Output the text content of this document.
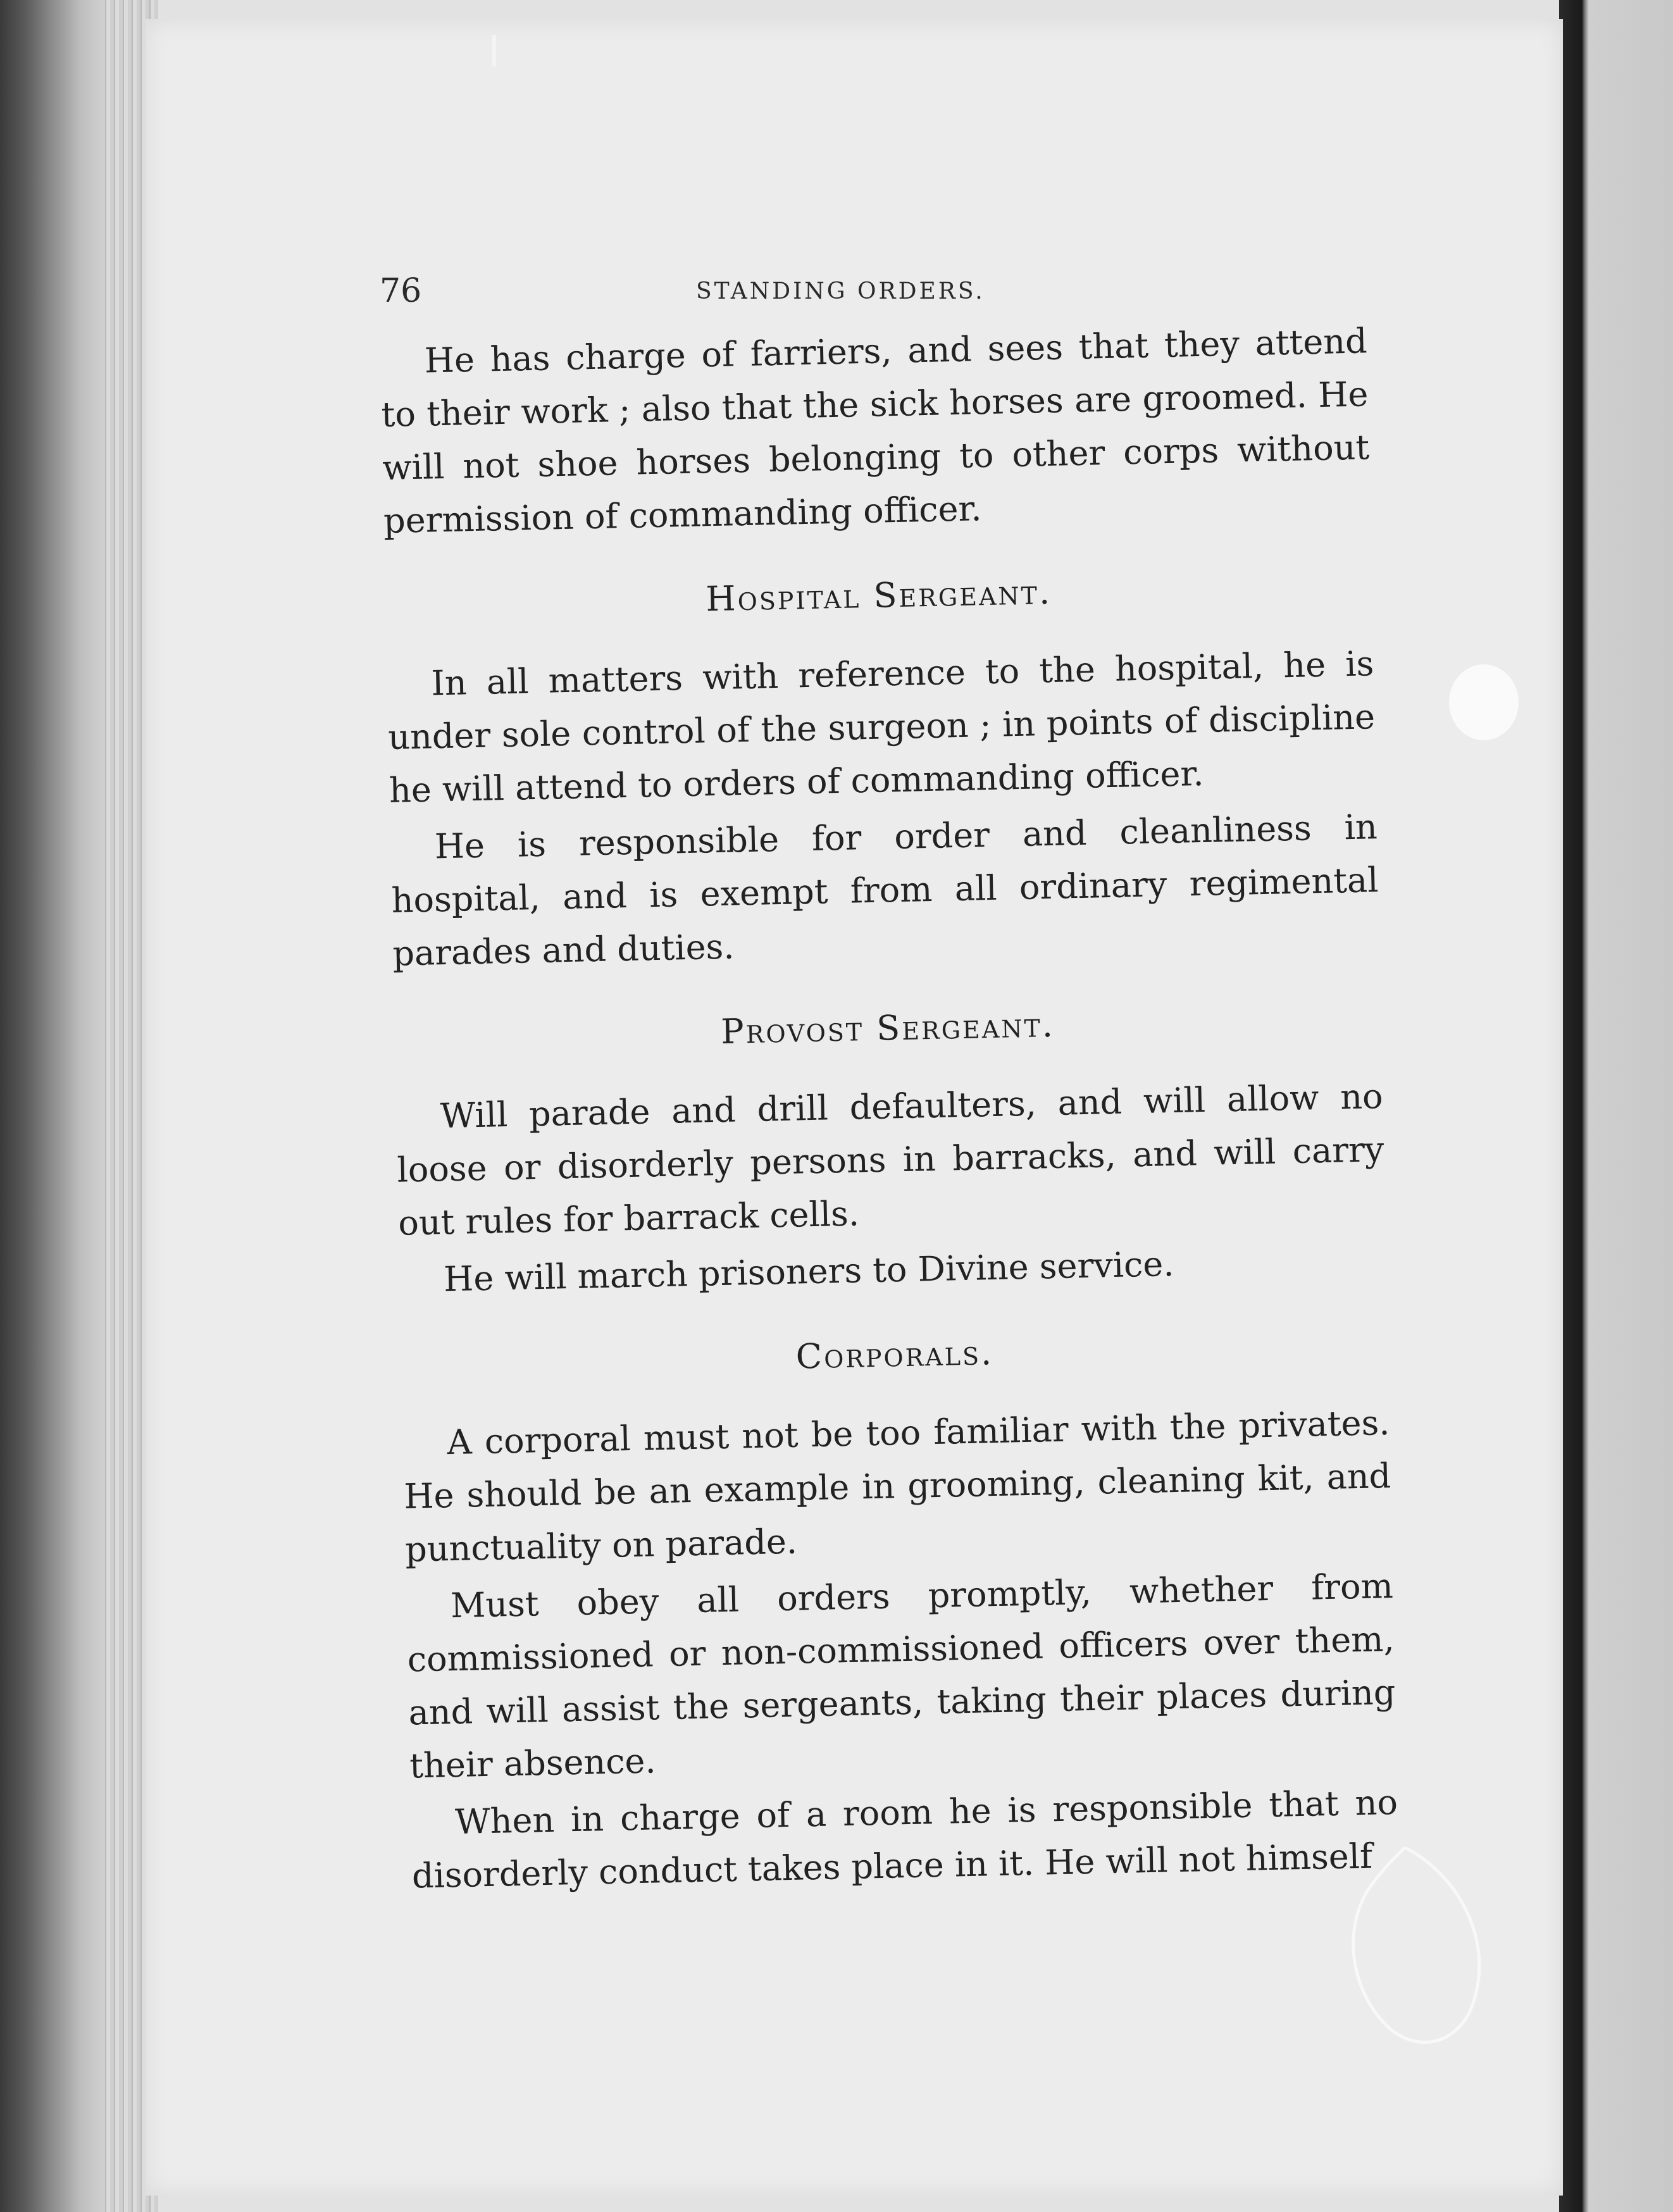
76	STANDING ORDERS.

He has charge of farriers, and sees that they attend to their work ; also that the sick horses are groomed. He will not shoe horses belonging to other corps without permission of commanding officer.

Hospital Sergeant.

In all matters with reference to the hospital, he is under sole control of the surgeon ; in points of discipline he will attend to orders of commanding officer.

He is responsible for order and cleanliness in hospital, and is exempt from all ordinary regimental parades and duties.

Provost Sergeant.

Will parade and drill defaulters, and will allow no loose or disorderly persons in barracks, and will carry out rules for barrack cells.

He will march prisoners to Divine service.

Corporals.

A corporal must not be too familiar with the privates. He should be an example in grooming, cleaning kit, and punctuality on parade.

Must obey all orders promptly, whether from commissioned or non-commissioned officers over them, and will assist the sergeants, taking their places during their absence.

When in charge of a room he is responsible that no disorderly conduct takes place in it. He will not himself
